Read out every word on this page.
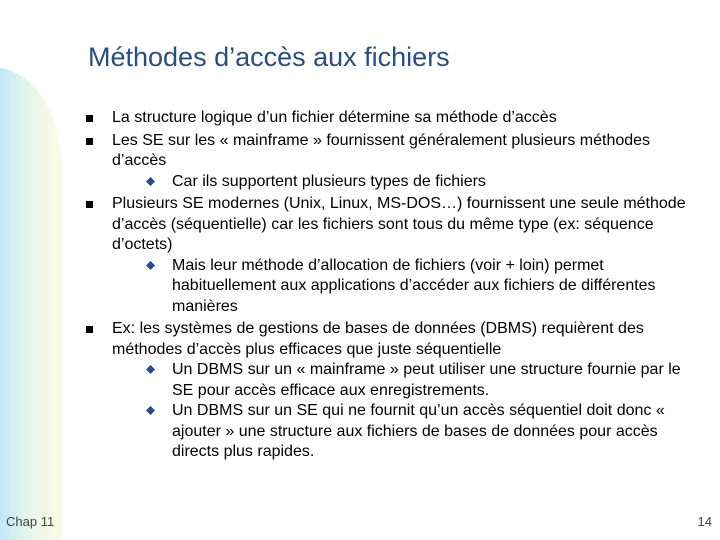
Méthodes d’accès aux fichiers
La structure logique d’un fichier détermine sa méthode d’accès
Les SE sur les « mainframe » fournissent généralement plusieurs méthodes d’accès
Car ils supportent plusieurs types de fichiers
Plusieurs SE modernes (Unix, Linux, MS-DOS…) fournissent une seule méthode d’accès (séquentielle) car les fichiers sont tous du même type (ex: séquence d’octets)
Mais leur méthode d’allocation de fichiers (voir + loin) permet habituellement aux applications d’accéder aux fichiers de différentes manières
Ex: les systèmes de gestions de bases de données (DBMS) requièrent des méthodes d’accès plus efficaces que juste séquentielle
Un DBMS sur un « mainframe » peut utiliser une structure fournie par le SE pour accès efficace aux enregistrements.
Un DBMS sur un SE qui ne fournit qu’un accès séquentiel doit donc « ajouter » une structure aux fichiers de bases de données pour accès directs plus rapides.
Chap 11	14
